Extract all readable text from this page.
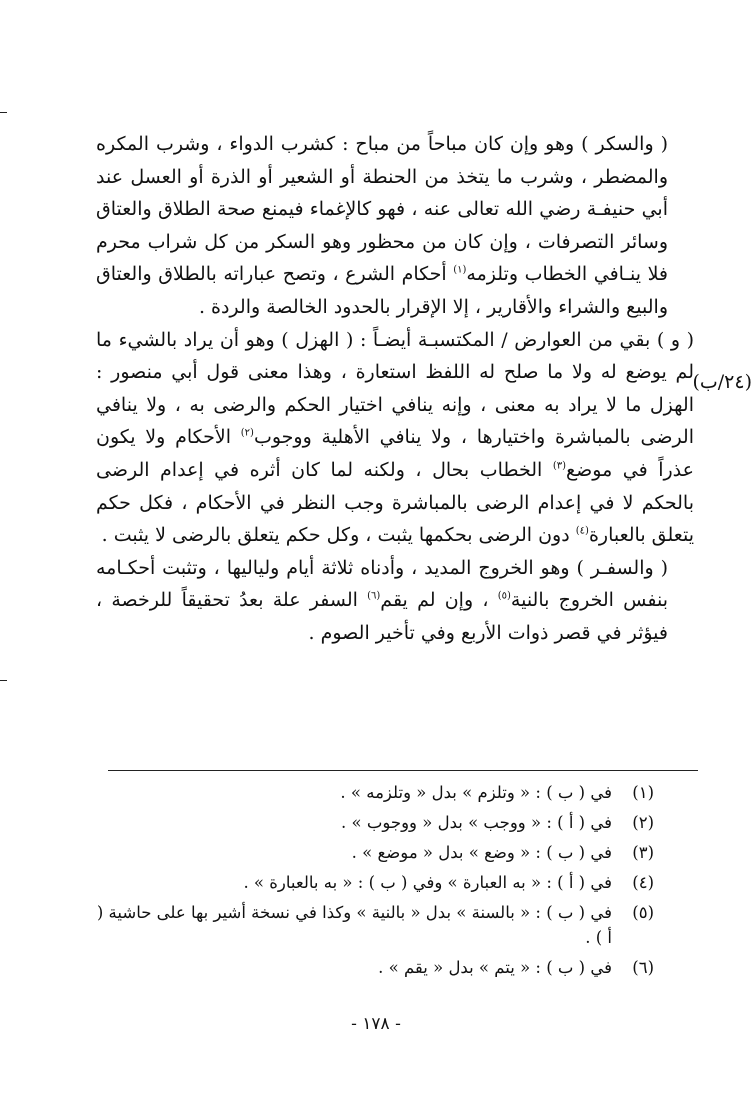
(٢٤/ب)

( والسكر ) وهو وإن كان مباحاً من مباح : كشرب الدواء ، وشرب المكره والمضطر ، وشرب ما يتخذ من الحنطة أو الشعير أو الذرة أو العسل عند أبي حنيفـة رضي الله تعالى عنه ، فهو كالإغماء فيمنع صحة الطلاق والعتاق وسائر التصرفات ، وإن كان من محظور وهو السكر من كل شراب محرم فلا ينـافي الخطاب وتلزمه$^{(١)}$ أحكام الشرع ، وتصح عباراته بالطلاق والعتاق والبيع والشراء والأقارير ، إلا الإقرار بالحدود الخالصة والردة .

( و ) بقي من العوارض / المكتسبـة أيضـاً : ( الهزل ) وهو أن يراد بالشيء ما لم يوضع له ولا ما صلح له اللفظ استعارة ، وهذا معنى قول أبي منصور : الهزل ما لا يراد به معنى ، وإنه ينافي اختيار الحكم والرضى به ، ولا ينافي الرضى بالمباشرة واختيارها ، ولا ينافي الأهلية ووجوب$^{(٢)}$ الأحكام ولا يكون عذراً في موضع$^{(٣)}$ الخطاب بحال ، ولكنه لما كان أثره في إعدام الرضى بالحكم لا في إعدام الرضى بالمباشرة وجب النظر في الأحكام ، فكل حكم يتعلق بالعبارة$^{(٤)}$ دون الرضى بحكمها يثبت ، وكل حكم يتعلق بالرضى لا يثبت .

( والسفـر ) وهو الخروج المديد ، وأدناه ثلاثة أيام ولياليها ، وتثبت أحكـامه بنفس الخروج بالنية$^{(٥)}$ ، وإن لم يقم$^{(٦)}$ السفر علة بعدُ تحقيقاً للرخصة ، فيؤثر في قصر ذوات الأربع وفي تأخير الصوم .

(١)
في ( ب ) : « وتلزم » بدل « وتلزمه » .
(٢)
في ( أ ) : « ووجب » بدل « ووجوب » .
(٣)
في ( ب ) : « وضع » بدل « موضع » .
(٤)
في ( أ ) : « به العبارة » وفي ( ب ) : « به بالعبارة » .
(٥)
في ( ب ) : « بالسنة » بدل « بالنية » وكذا في نسخة أشير بها على حاشية ( أ ) .
(٦)
في ( ب ) : « يتم » بدل « يقم » .
- ١٧٨ -
